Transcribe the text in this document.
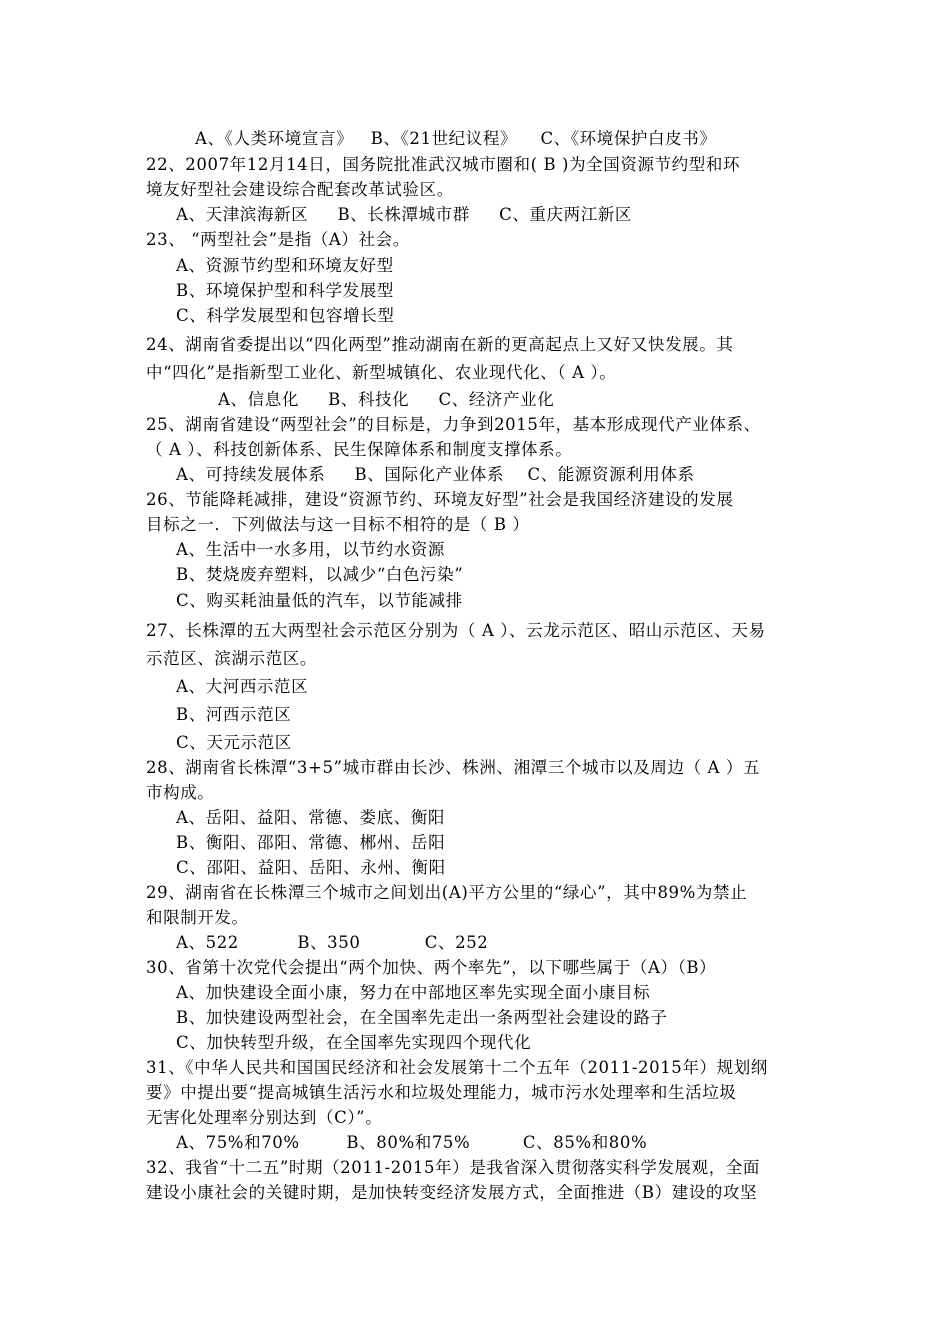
A、《人类环境宣言》   B、《21世纪议程》    C、《环境保护白皮书》
22、2007年12月14日，国务院批准武汉城市圈和( B )为全国资源节约型和环
境友好型社会建设综合配套改革试验区。
A、天津滨海新区     B、长株潭城市群     C、重庆两江新区
23、 “两型社会”是指（A）社会。
A、资源节约型和环境友好型
B、环境保护型和科学发展型
C、科学发展型和包容增长型
24、湖南省委提出以“四化两型”推动湖南在新的更高起点上又好又快发展。其
中“四化”是指新型工业化、新型城镇化、农业现代化、（ A ）。
A、信息化     B、科技化     C、经济产业化
25、湖南省建设“两型社会”的目标是，力争到2015年，基本形成现代产业体系、
（ A ）、科技创新体系、民生保障体系和制度支撑体系。
A、可持续发展体系     B、国际化产业体系    C、能源资源利用体系
26、节能降耗减排，建设“资源节约、环境友好型”社会是我国经济建设的发展
目标之一．下列做法与这一目标不相符的是（ B ）
A、生活中一水多用，以节约水资源
B、焚烧废弃塑料，以减少“白色污染”
C、购买耗油量低的汽车，以节能减排
27、长株潭的五大两型社会示范区分别为（ A ）、云龙示范区、昭山示范区、天易
示范区、滨湖示范区。
A、大河西示范区
B、河西示范区
C、天元示范区
28、湖南省长株潭“3+5”城市群由长沙、株洲、湘潭三个城市以及周边（ A ）五
市构成。
A、岳阳、益阳、常德、娄底、衡阳
B、衡阳、邵阳、常德、郴州、岳阳
C、邵阳、益阳、岳阳、永州、衡阳
29、湖南省在长株潭三个城市之间划出(A)平方公里的“绿心”，其中89%为禁止
和限制开发。
A、522          B、350           C、252
30、省第十次党代会提出“两个加快、两个率先”，以下哪些属于（A）（B）
A、加快建设全面小康，努力在中部地区率先实现全面小康目标
B、加快建设两型社会，在全国率先走出一条两型社会建设的路子
C、加快转型升级，在全国率先实现四个现代化
31、《中华人民共和国国民经济和社会发展第十二个五年（2011-2015年）规划纲
要》中提出要“提高城镇生活污水和垃圾处理能力，城市污水处理率和生活垃圾
无害化处理率分别达到（C）”。
A、75%和70%        B、80%和75%         C、85%和80%
32、我省“十二五”时期（2011-2015年）是我省深入贯彻落实科学发展观，全面
建设小康社会的关键时期，是加快转变经济发展方式，全面推进（B）建设的攻坚
